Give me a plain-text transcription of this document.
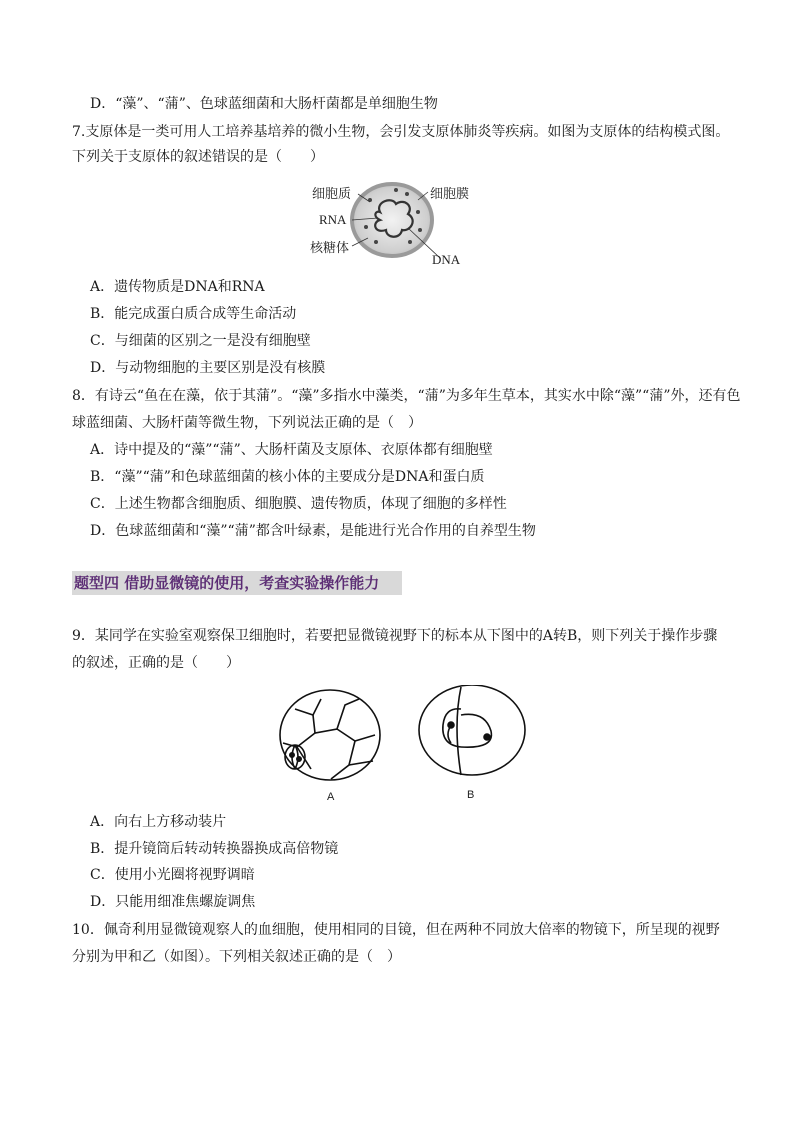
D．“藻”、“蒲”、色球蓝细菌和大肠杆菌都是单细胞生物
7.支原体是一类可用人工培养基培养的微小生物，会引发支原体肺炎等疾病。如图为支原体的结构模式图。
下列关于支原体的叙述错误的是（　　）
细胞质	细胞膜
RNA
核糖体
DNA
A．遗传物质是DNA和RNA
B．能完成蛋白质合成等生命活动
C．与细菌的区别之一是没有细胞壁
D．与动物细胞的主要区别是没有核膜
8．有诗云“鱼在在藻，依于其蒲”。“藻”多指水中藻类，“蒲”为多年生草本，其实水中除“藻”“蒲”外，还有色
球蓝细菌、大肠杆菌等微生物，下列说法正确的是（　）
A．诗中提及的“藻”“蒲”、大肠杆菌及支原体、衣原体都有细胞壁
B．“藻”“蒲”和色球蓝细菌的核小体的主要成分是DNA和蛋白质
C．上述生物都含细胞质、细胞膜、遗传物质，体现了细胞的多样性
D．色球蓝细菌和“藻”“蒲”都含叶绿素，是能进行光合作用的自养型生物
题型四 借助显微镜的使用，考查实验操作能力
9．某同学在实验室观察保卫细胞时，若要把显微镜视野下的标本从下图中的A转B，则下列关于操作步骤
的叙述，正确的是（　　）
A	B
A．向右上方移动装片
B．提升镜筒后转动转换器换成高倍物镜
C．使用小光圈将视野调暗
D．只能用细准焦螺旋调焦
10．佩奇利用显微镜观察人的血细胞，使用相同的目镜，但在两种不同放大倍率的物镜下，所呈现的视野
分别为甲和乙（如图）。下列相关叙述正确的是（　）
